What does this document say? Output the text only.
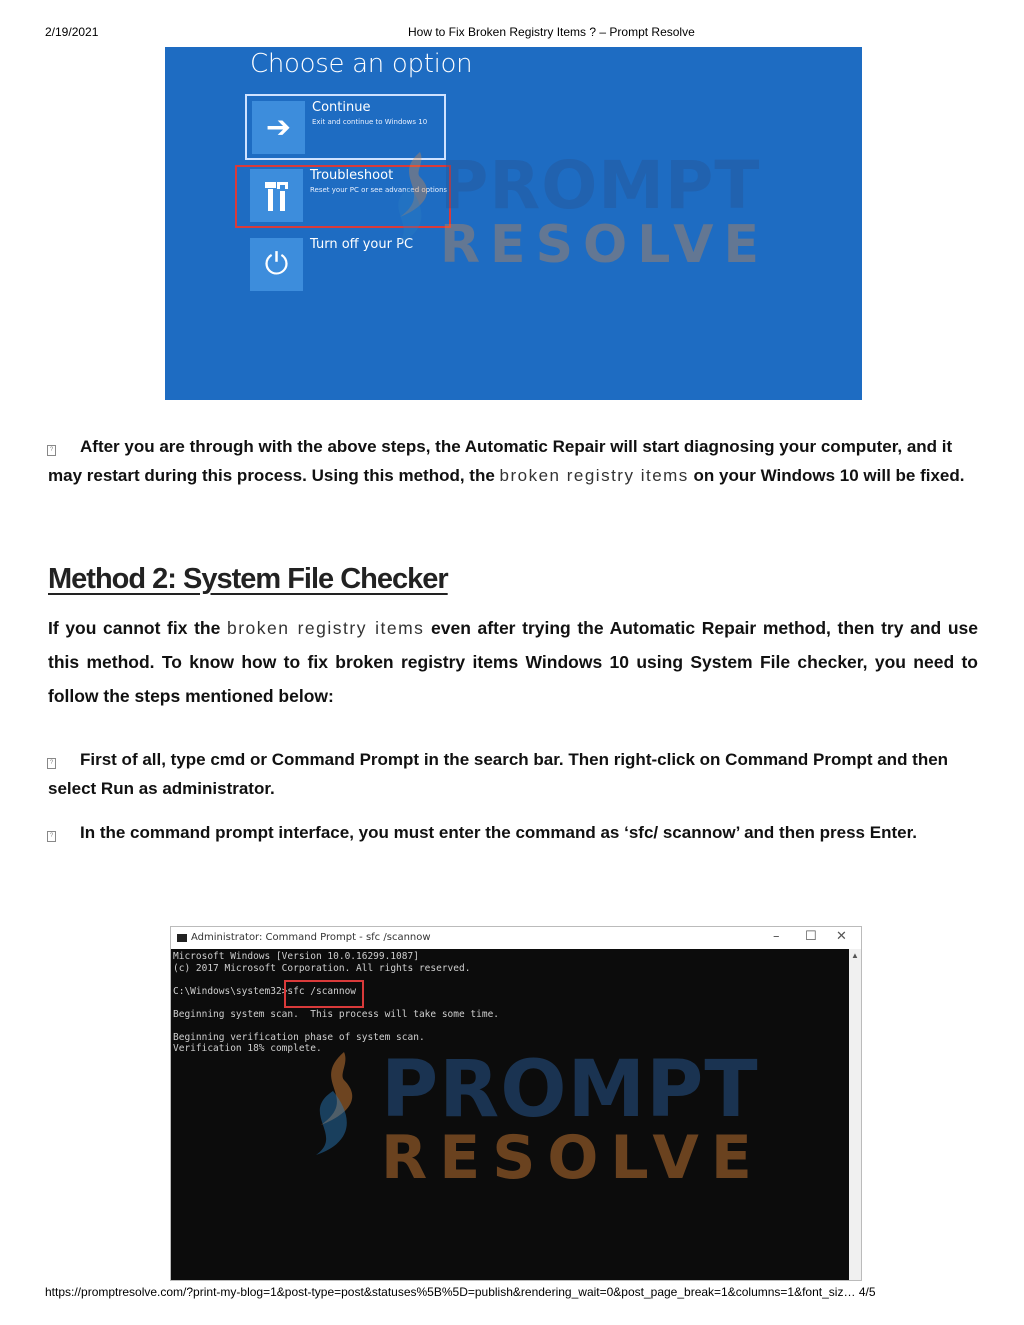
2/19/2021	How to Fix Broken Registry Items ? – Prompt Resolve
Choose an option
➔
Continue
Exit and continue to Windows 10
Troubleshoot
Reset your PC or see advanced options
⏻
Turn off your PC
PROMPT
RESOLVE
?	After you are through with the above steps, the Automatic Repair will start diagnosing your computer, and it may restart during this process. Using this method, the broken registry items on your Windows 10 will be fixed.
Method 2: System File Checker
If you cannot fix the broken registry items even after trying the Automatic Repair method, then try and use this method. To know how to fix broken registry items Windows 10 using System File checker, you need to follow the steps mentioned below:
?	First of all, type cmd or Command Prompt in the search bar. Then right-click on Command Prompt and then select Run as administrator.
?	In the command prompt interface, you must enter the command as ‘sfc/ scannow’ and then press Enter.
Administrator: Command Prompt - sfc /scannow	– ☐ ✕
Microsoft Windows [Version 10.0.16299.1087]
(c) 2017 Microsoft Corporation. All rights reserved.

C:\Windows\system32>sfc /scannow

Beginning system scan.  This process will take some time.

Beginning verification phase of system scan.
Verification 18% complete.
▲
PROMPT
RESOLVE
https://promptresolve.com/?print-my-blog=1&post-type=post&statuses%5B%5D=publish&rendering_wait=0&post_page_break=1&columns=1&font_siz… 4/5
